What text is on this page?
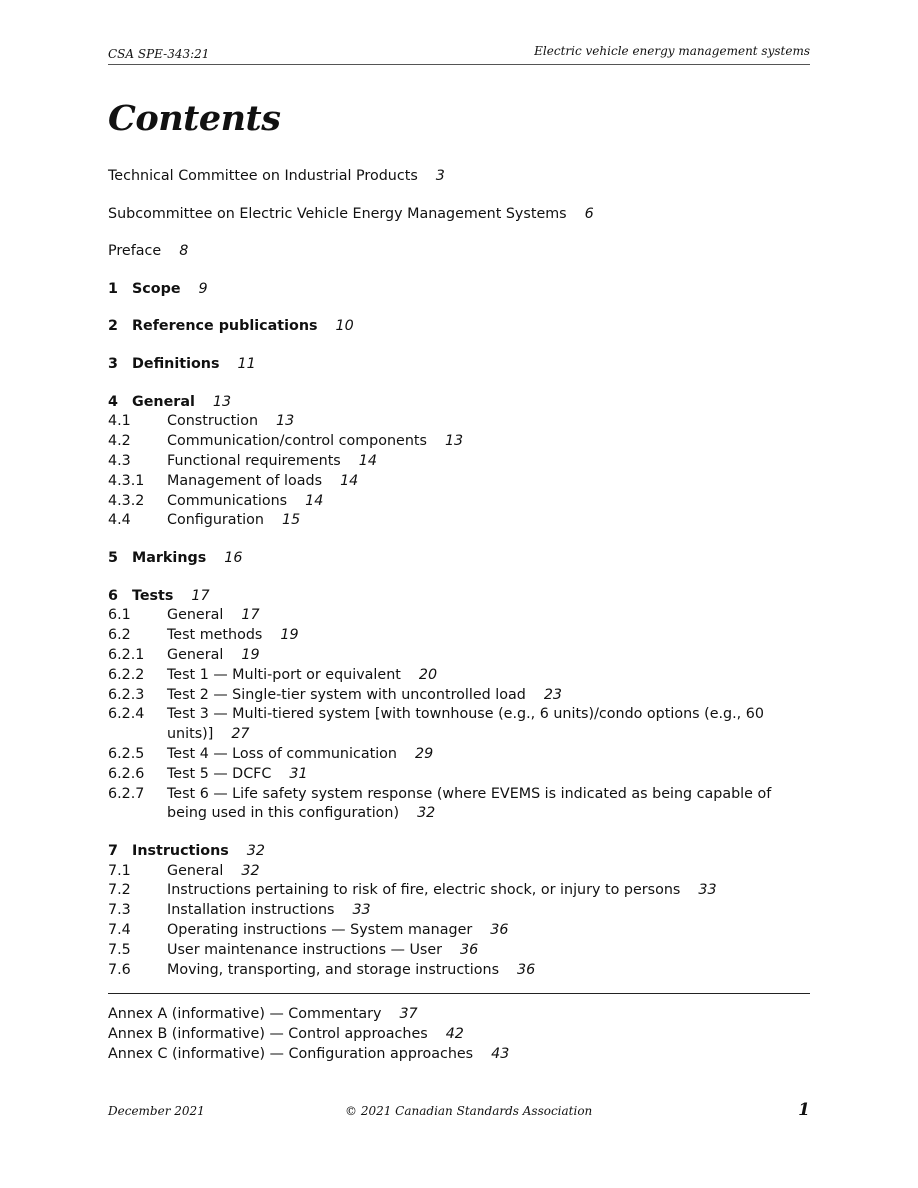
CSA SPE-343:21	Electric vehicle energy management systems
Contents
Technical Committee on Industrial Products 3
Subcommittee on Electric Vehicle Energy Management Systems 6
Preface 8
1 Scope 9
2 Reference publications 10
3 Definitions 11
4 General 13
4.1	Construction 13
4.2	Communication/control components 13
4.3	Functional requirements 14
4.3.1 Management of loads 14
4.3.2 Communications 14
4.4	Configuration 15
5 Markings 16
6 Tests 17
6.1	General 17
6.2	Test methods 19
6.2.1 General 19
6.2.2 Test 1 — Multi-port or equivalent 20
6.2.3 Test 2 — Single-tier system with uncontrolled load 23
6.2.4 Test 3 — Multi-tiered system [with townhouse (e.g., 6 units)/condo options (e.g., 60 units)] 27
6.2.5 Test 4 — Loss of communication 29
6.2.6 Test 5 — DCFC 31
6.2.7 Test 6 — Life safety system response (where EVEMS is indicated as being capable of being used in this configuration) 32
7 Instructions 32
7.1	General 32
7.2	Instructions pertaining to risk of fire, electric shock, or injury to persons 33
7.3	Installation instructions 33
7.4	Operating instructions — System manager 36
7.5	User maintenance instructions — User 36
7.6	Moving, transporting, and storage instructions 36
Annex A (informative) — Commentary 37
Annex B (informative) — Control approaches 42
Annex C (informative) — Configuration approaches 43
December 2021	© 2021 Canadian Standards Association	1
